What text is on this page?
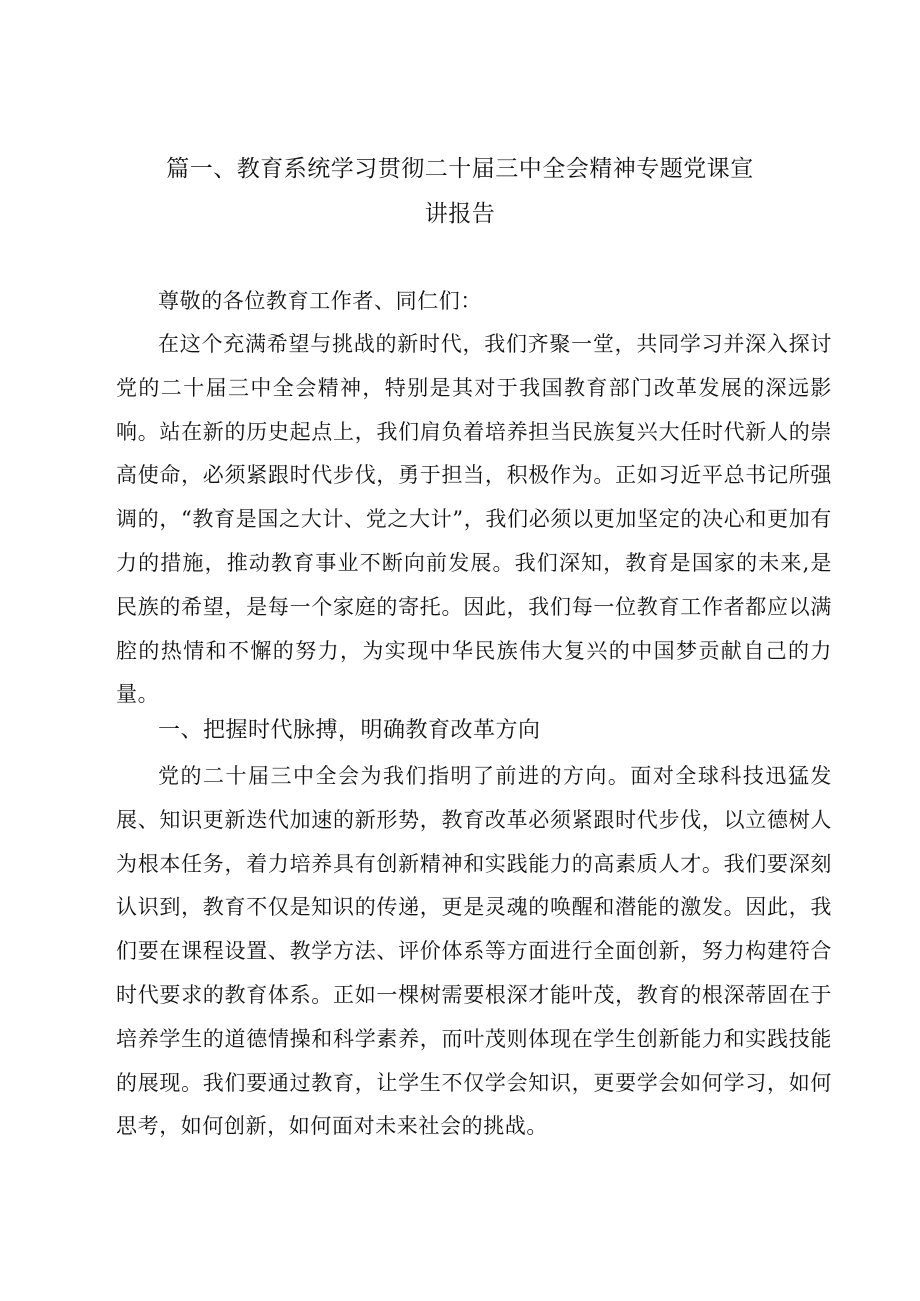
篇一、教育系统学习贯彻二十届三中全会精神专题党课宣
讲报告

尊敬的各位教育工作者、同仁们：

在这个充满希望与挑战的新时代，我们齐聚一堂，共同学习并深入探讨党的二十届三中全会精神，特别是其对于我国教育部门改革发展的深远影响。站在新的历史起点上，我们肩负着培养担当民族复兴大任时代新人的崇高使命，必须紧跟时代步伐，勇于担当，积极作为。正如习近平总书记所强调的，“教育是国之大计、党之大计”，我们必须以更加坚定的决心和更加有力的措施，推动教育事业不断向前发展。我们深知，教育是国家的未来,是民族的希望，是每一个家庭的寄托。因此，我们每一位教育工作者都应以满腔的热情和不懈的努力，为实现中华民族伟大复兴的中国梦贡献自己的力量。

一、把握时代脉搏，明确教育改革方向

党的二十届三中全会为我们指明了前进的方向。面对全球科技迅猛发展、知识更新迭代加速的新形势，教育改革必须紧跟时代步伐，以立德树人为根本任务，着力培养具有创新精神和实践能力的高素质人才。我们要深刻认识到，教育不仅是知识的传递，更是灵魂的唤醒和潜能的激发。因此，我们要在课程设置、教学方法、评价体系等方面进行全面创新，努力构建符合时代要求的教育体系。正如一棵树需要根深才能叶茂，教育的根深蒂固在于培养学生的道德情操和科学素养，而叶茂则体现在学生创新能力和实践技能的展现。我们要通过教育，让学生不仅学会知识，更要学会如何学习，如何思考，如何创新，如何面对未来社会的挑战。
